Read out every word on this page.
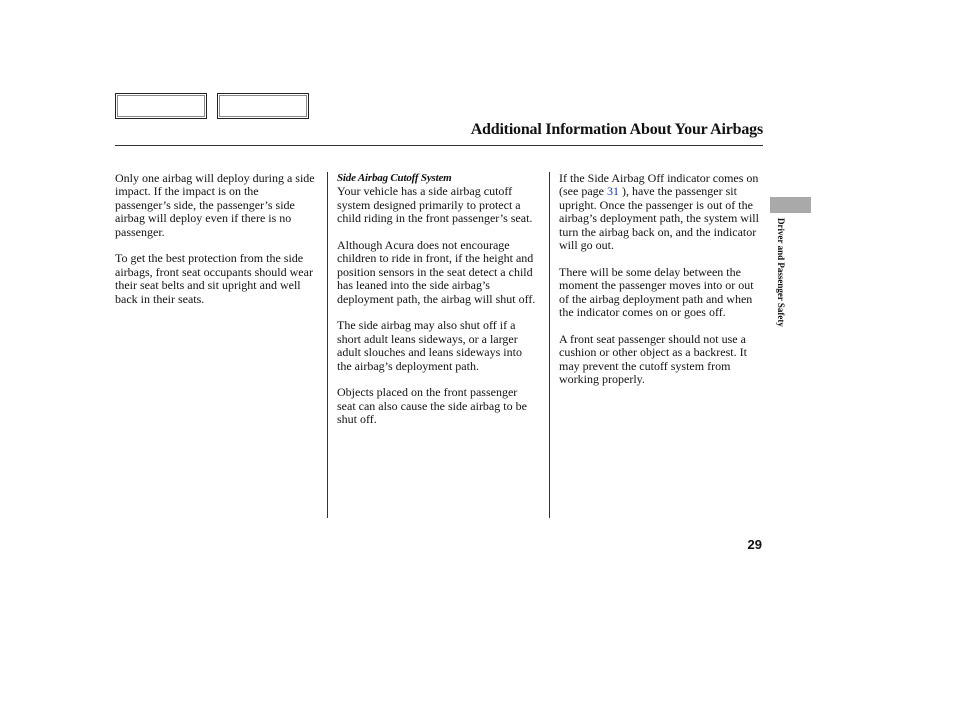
Additional Information About Your Airbags

Only one airbag will deploy during a side impact. If the impact is on the passenger’s side, the passenger’s side airbag will deploy even if there is no passenger.

To get the best protection from the side airbags, front seat occupants should wear their seat belts and sit upright and well back in their seats.

Side Airbag Cutoff System

Your vehicle has a side airbag cutoff system designed primarily to protect a child riding in the front passenger’s seat.

Although Acura does not encourage children to ride in front, if the height and position sensors in the seat detect a child has leaned into the side airbag’s deployment path, the airbag will shut off.

The side airbag may also shut off if a short adult leans sideways, or a larger adult slouches and leans sideways into the airbag’s deployment path.

Objects placed on the front passenger seat can also cause the side airbag to be shut off.

If the Side Airbag Off indicator comes on (see page 31 ), have the passenger sit upright. Once the passenger is out of the airbag’s deployment path, the system will turn the airbag back on, and the indicator will go out.

There will be some delay between the moment the passenger moves into or out of the airbag deployment path and when the indicator comes on or goes off.

A front seat passenger should not use a cushion or other object as a backrest. It may prevent the cutoff system from working properly.

Driver and Passenger Safety
29
